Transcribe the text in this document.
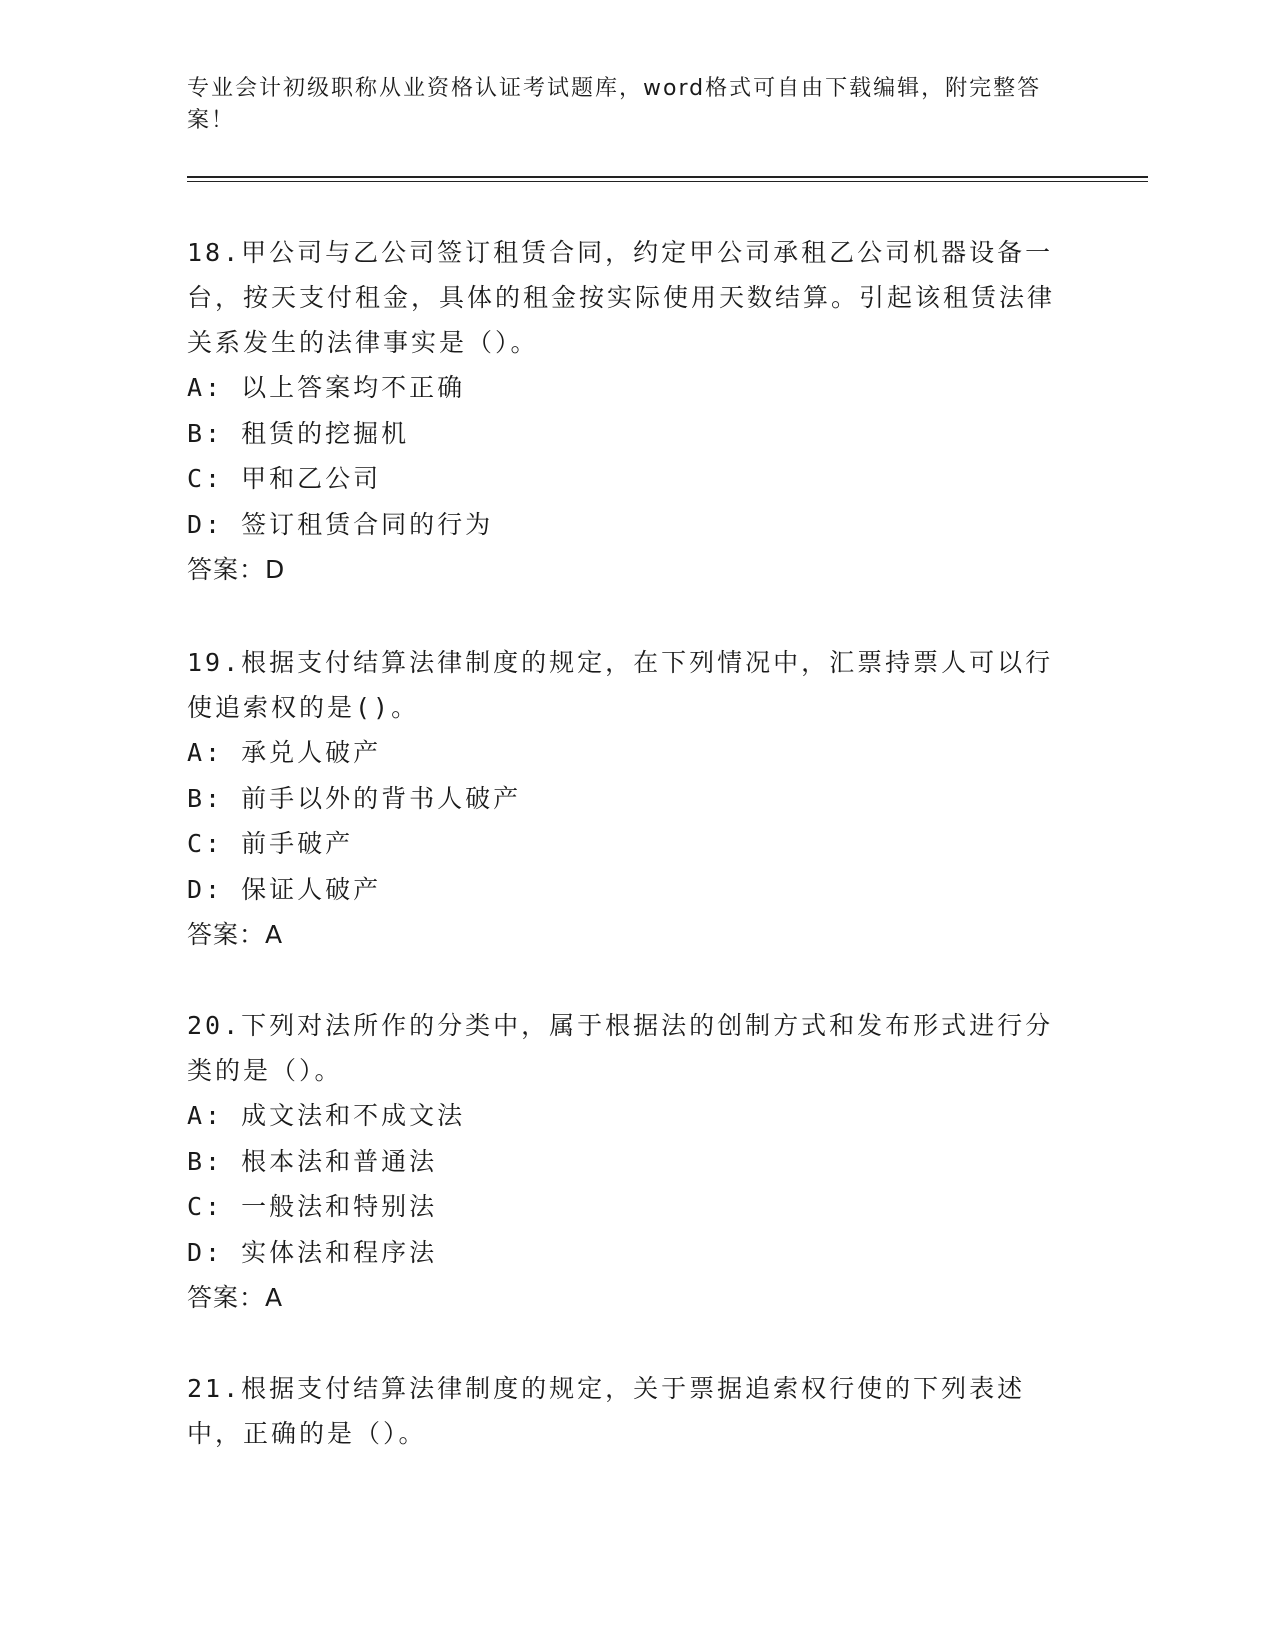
专业会计初级职称从业资格认证考试题库，word格式可自由下载编辑，附完整答案！
18.甲公司与乙公司签订租赁合同，约定甲公司承租乙公司机器设备一台，按天支付租金，具体的租金按实际使用天数结算。引起该租赁法律关系发生的法律事实是（）。
A: 以上答案均不正确
B: 租赁的挖掘机
C: 甲和乙公司
D: 签订租赁合同的行为
答案：D
19.根据支付结算法律制度的规定，在下列情况中，汇票持票人可以行使追索权的是()。
A: 承兑人破产
B: 前手以外的背书人破产
C: 前手破产
D: 保证人破产
答案：A
20.下列对法所作的分类中，属于根据法的创制方式和发布形式进行分类的是（）。
A: 成文法和不成文法
B: 根本法和普通法
C: 一般法和特别法
D: 实体法和程序法
答案：A
21.根据支付结算法律制度的规定，关于票据追索权行使的下列表述中，正确的是（）。
